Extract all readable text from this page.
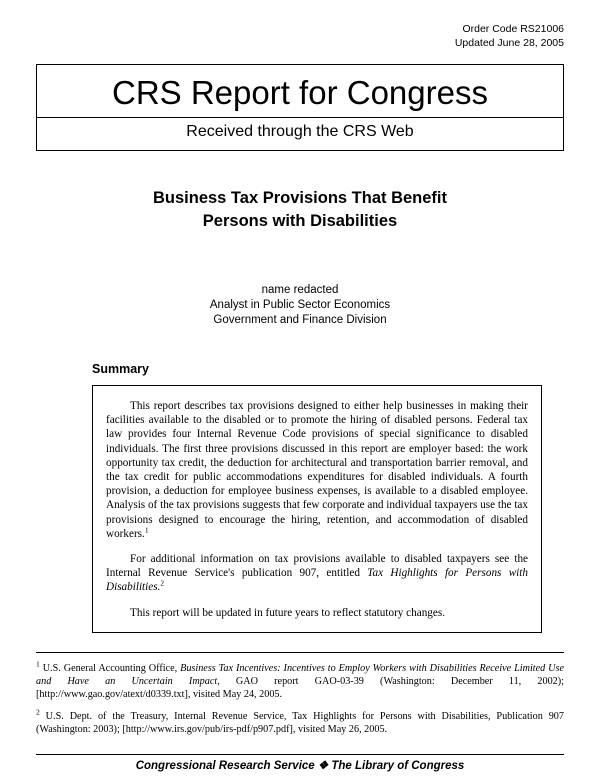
Order Code RS21006
Updated June 28, 2005
CRS Report for Congress
Received through the CRS Web
Business Tax Provisions That Benefit
Persons with Disabilities
name redacted
Analyst in Public Sector Economics
Government and Finance Division
Summary

This report describes tax provisions designed to either help businesses in making their facilities available to the disabled or to promote the hiring of disabled persons. Federal tax law provides four Internal Revenue Code provisions of special significance to disabled individuals. The first three provisions discussed in this report are employer based: the work opportunity tax credit, the deduction for architectural and transportation barrier removal, and the tax credit for public accommodations expenditures for disabled individuals. A fourth provision, a deduction for employee business expenses, is available to a disabled employee. Analysis of the tax provisions suggests that few corporate and individual taxpayers use the tax provisions designed to encourage the hiring, retention, and accommodation of disabled workers.$^1$

For additional information on tax provisions available to disabled taxpayers see the Internal Revenue Service's publication 907, entitled Tax Highlights for Persons with Disabilities.$^2$

This report will be updated in future years to reflect statutory changes.

$^1$ U.S. General Accounting Office, Business Tax Incentives: Incentives to Employ Workers with Disabilities Receive Limited Use and Have an Uncertain Impact, GAO report GAO-03-39 (Washington: December 11, 2002); [http://www.gao.gov/atext/d0339.txt], visited May 24, 2005.
$^2$ U.S. Dept. of the Treasury, Internal Revenue Service, Tax Highlights for Persons with Disabilities, Publication 907 (Washington: 2003); [http://www.irs.gov/pub/irs-pdf/p907.pdf], visited May 26, 2005.
Congressional Research Service ❖ The Library of Congress
